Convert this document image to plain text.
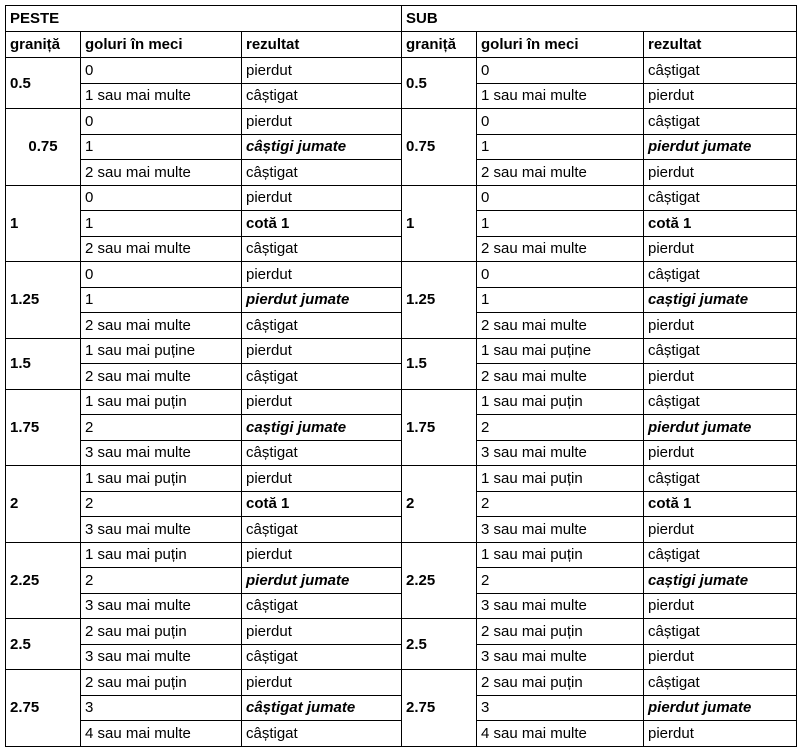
PESTE			SUB		
graniță	goluri în meci	rezultat	graniță	goluri în meci	rezultat
0.5	0	pierdut	0.5	0	câștigat
	1 sau mai multe	câștigat		1 sau mai multe	pierdut
0.75	0	pierdut	0.75	0	câștigat
	1	câștigi jumate		1	pierdut jumate
	2 sau mai multe	câștigat		2 sau mai multe	pierdut
1	0	pierdut	1	0	câștigat
	1	cotă 1		1	cotă 1
	2 sau mai multe	câștigat		2 sau mai multe	pierdut
1.25	0	pierdut	1.25	0	câștigat
	1	pierdut jumate		1	caștigi jumate
	2 sau mai multe	câștigat		2 sau mai multe	pierdut
1.5	1 sau mai puține	pierdut	1.5	1 sau mai puține	câștigat
	2 sau mai multe	câștigat		2 sau mai multe	pierdut
1.75	1 sau mai puțin	pierdut	1.75	1 sau mai puțin	câștigat
	2	caștigi jumate		2	pierdut jumate
	3 sau mai multe	câștigat		3 sau mai multe	pierdut
2	1 sau mai puțin	pierdut	2	1 sau mai puțin	câștigat
	2	cotă 1		2	cotă 1
	3 sau mai multe	câștigat		3 sau mai multe	pierdut
2.25	1 sau mai puțin	pierdut	2.25	1 sau mai puțin	câștigat
	2	pierdut jumate		2	caștigi jumate
	3 sau mai multe	câștigat		3 sau mai multe	pierdut
2.5	2 sau mai puțin	pierdut	2.5	2 sau mai puțin	câștigat
	3 sau mai multe	câștigat		3 sau mai multe	pierdut
2.75	2 sau mai puțin	pierdut	2.75	2 sau mai puțin	câștigat
	3	câștigat jumate		3	pierdut jumate
	4 sau mai multe	câștigat		4 sau mai multe	pierdut
